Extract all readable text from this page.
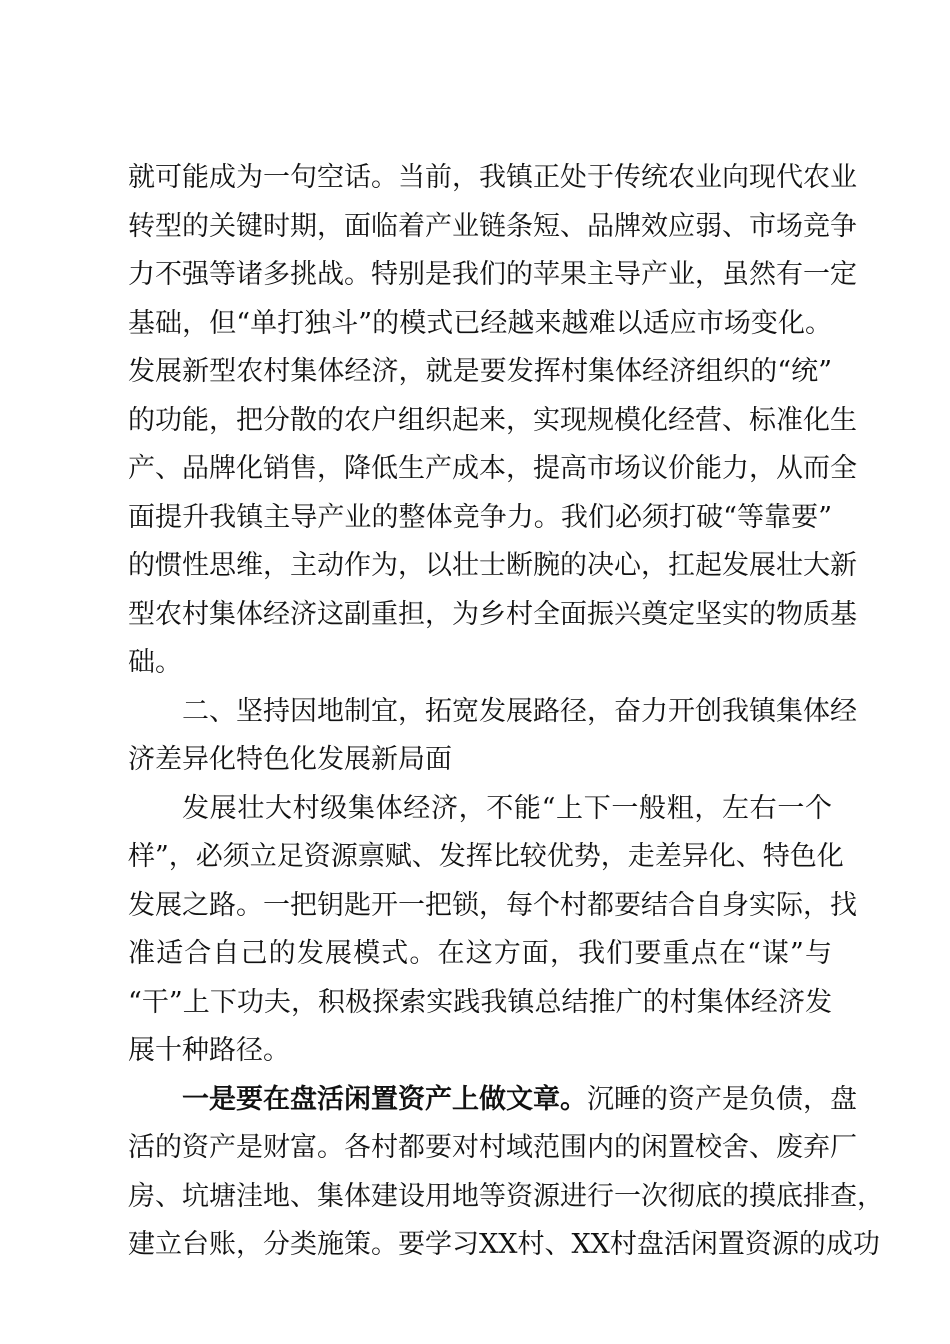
就可能成为一句空话。当前，我镇正处于传统农业向现代农业
转型的关键时期，面临着产业链条短、品牌效应弱、市场竞争
力不强等诸多挑战。特别是我们的苹果主导产业，虽然有一定
基础，但“单打独斗”的模式已经越来越难以适应市场变化。
发展新型农村集体经济，就是要发挥村集体经济组织的“统”
的功能，把分散的农户组织起来，实现规模化经营、标准化生
产、品牌化销售，降低生产成本，提高市场议价能力，从而全
面提升我镇主导产业的整体竞争力。我们必须打破“等靠要”
的惯性思维，主动作为，以壮士断腕的决心，扛起发展壮大新
型农村集体经济这副重担，为乡村全面振兴奠定坚实的物质基
础。
二、坚持因地制宜，拓宽发展路径，奋力开创我镇集体经
济差异化特色化发展新局面
发展壮大村级集体经济，不能“上下一般粗，左右一个
样”，必须立足资源禀赋、发挥比较优势，走差异化、特色化
发展之路。一把钥匙开一把锁，每个村都要结合自身实际，找
准适合自己的发展模式。在这方面，我们要重点在“谋”与
“干”上下功夫，积极探索实践我镇总结推广的村集体经济发
展十种路径。
一是要在盘活闲置资产上做文章。沉睡的资产是负债，盘
活的资产是财富。各村都要对村域范围内的闲置校舍、废弃厂
房、坑塘洼地、集体建设用地等资源进行一次彻底的摸底排查，
建立台账，分类施策。要学习XX村、XX村盘活闲置资源的成功
